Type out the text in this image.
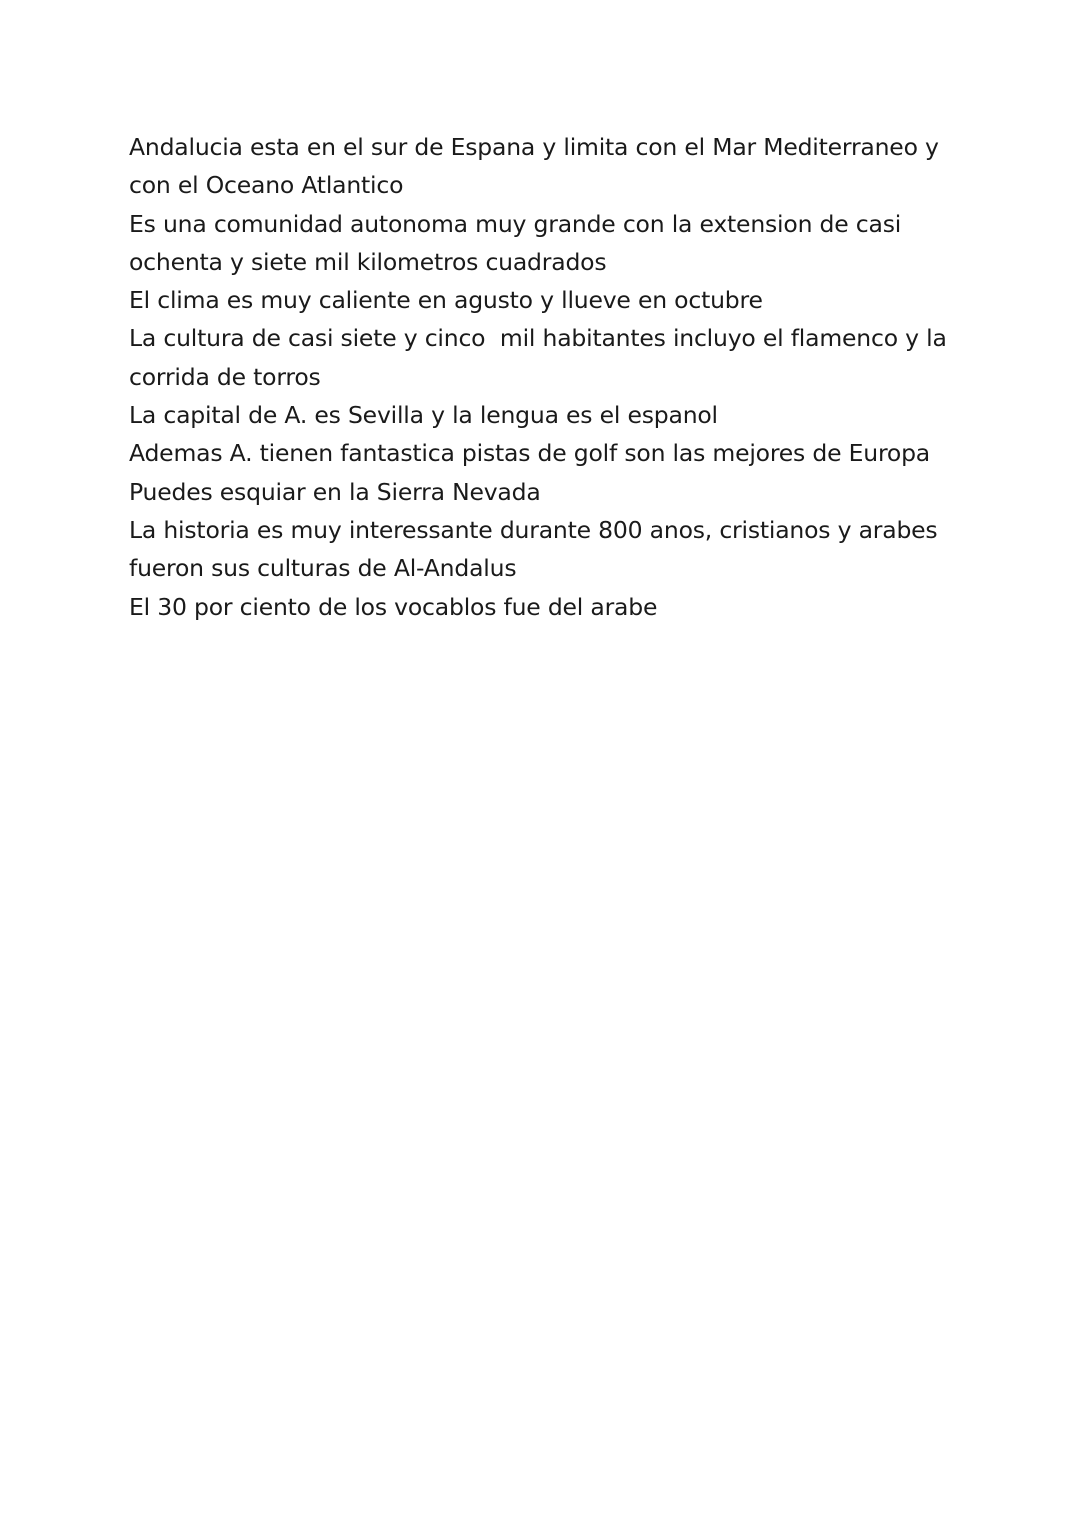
Andalucia esta en el sur de Espana y limita con el Mar Mediterraneo y con el Oceano Atlantico

Es una comunidad autonoma muy grande con la extension de casi ochenta y siete mil kilometros cuadrados

El clima es muy caliente en agusto y llueve en octubre

La cultura de casi siete y cinco  mil habitantes incluyo el flamenco y la corrida de torros

La capital de A. es Sevilla y la lengua es el espanol

Ademas A. tienen fantastica pistas de golf son las mejores de Europa

Puedes esquiar en la Sierra Nevada

La historia es muy interessante durante 800 anos, cristianos y arabes fueron sus culturas de Al-Andalus

El 30 por ciento de los vocablos fue del arabe
